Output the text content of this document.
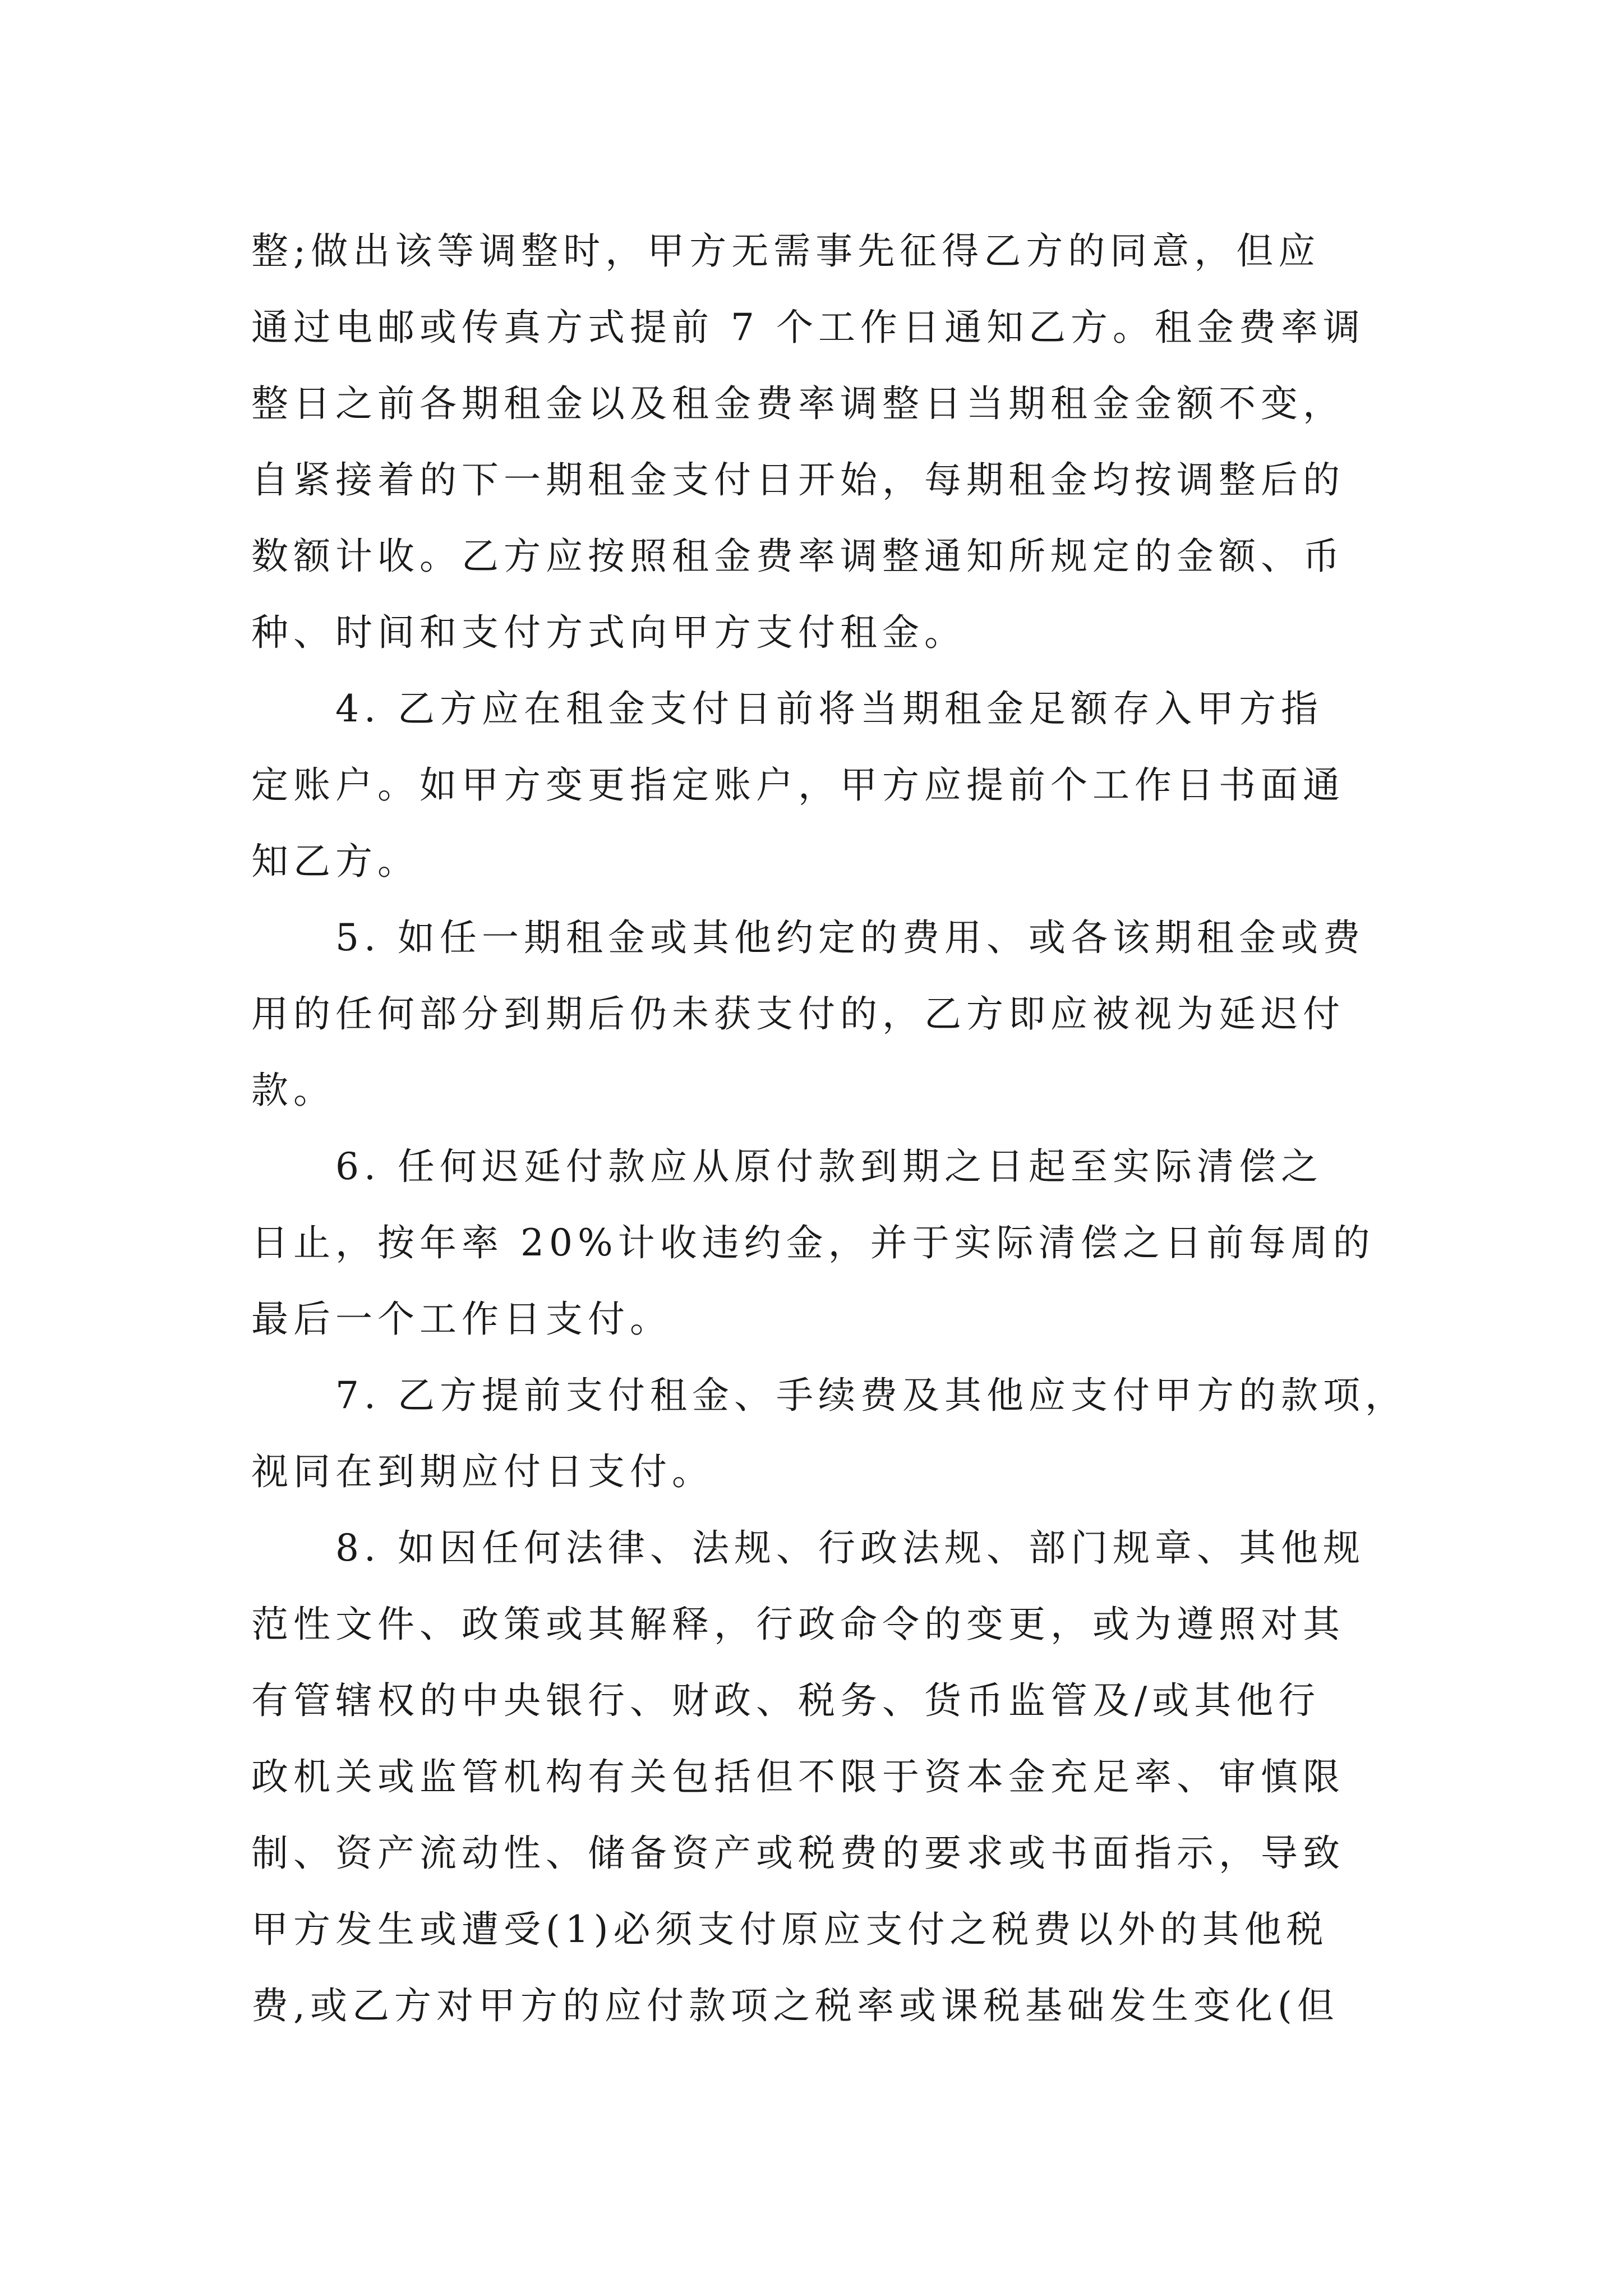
整;做出该等调整时，甲方无需事先征得乙方的同意，但应
通过电邮或传真方式提前 7 个工作日通知乙方。租金费率调
整日之前各期租金以及租金费率调整日当期租金金额不变，
自紧接着的下一期租金支付日开始，每期租金均按调整后的
数额计收。乙方应按照租金费率调整通知所规定的金额、币
种、时间和支付方式向甲方支付租金。
4. 乙方应在租金支付日前将当期租金足额存入甲方指
定账户。如甲方变更指定账户，甲方应提前个工作日书面通
知乙方。
5. 如任一期租金或其他约定的费用、或各该期租金或费
用的任何部分到期后仍未获支付的，乙方即应被视为延迟付
款。
6. 任何迟延付款应从原付款到期之日起至实际清偿之
日止，按年率 20%计收违约金，并于实际清偿之日前每周的
最后一个工作日支付。
7. 乙方提前支付租金、手续费及其他应支付甲方的款项，
视同在到期应付日支付。
8. 如因任何法律、法规、行政法规、部门规章、其他规
范性文件、政策或其解释，行政命令的变更，或为遵照对其
有管辖权的中央银行、财政、税务、货币监管及/或其他行
政机关或监管机构有关包括但不限于资本金充足率、审慎限
制、资产流动性、储备资产或税费的要求或书面指示，导致
甲方发生或遭受(1)必须支付原应支付之税费以外的其他税
费,或乙方对甲方的应付款项之税率或课税基础发生变化(但
